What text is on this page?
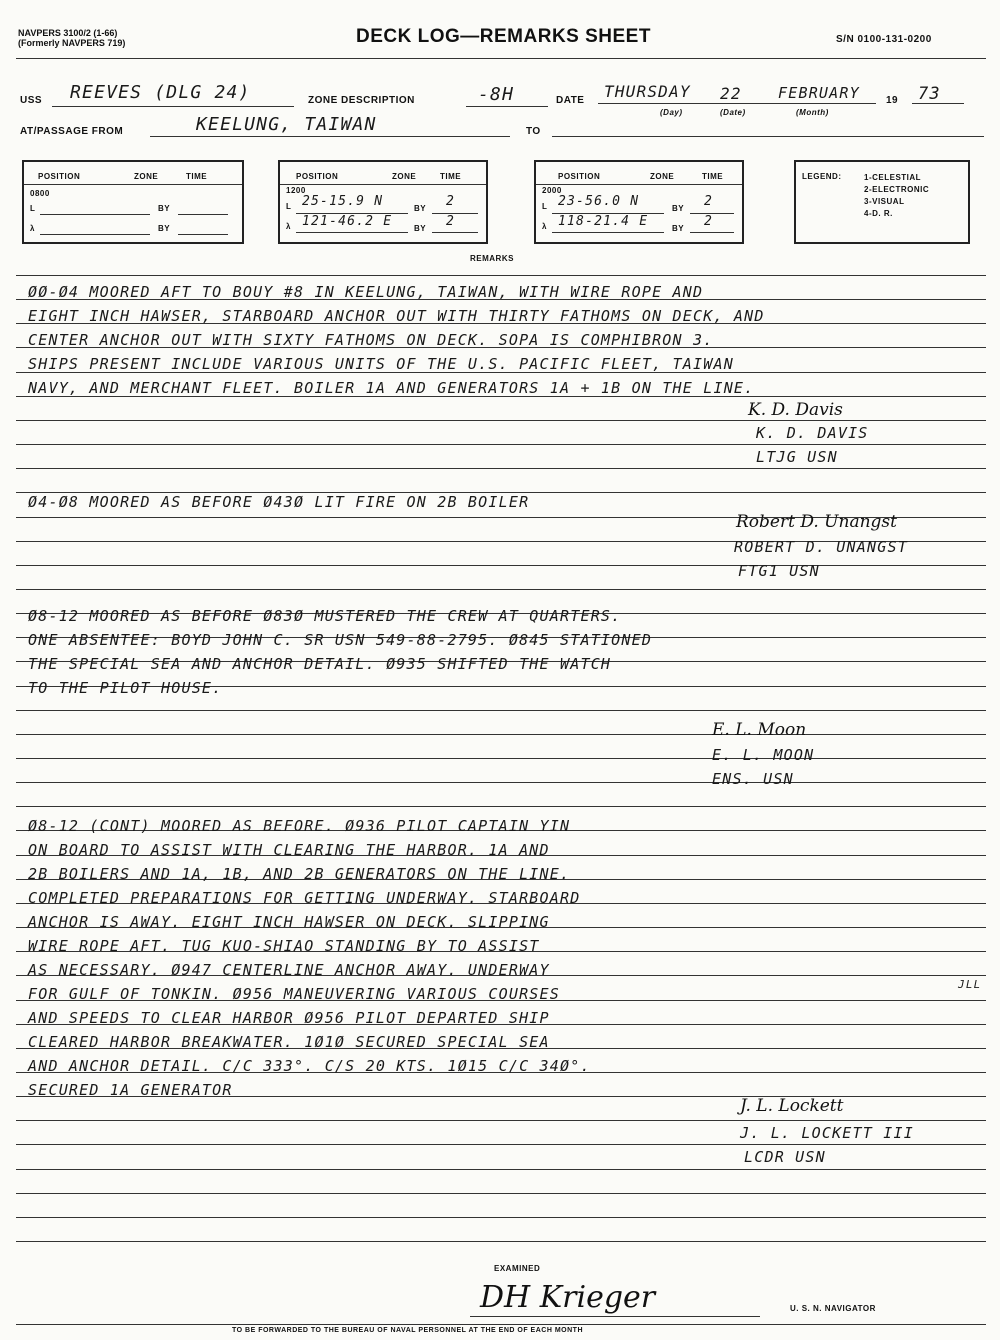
NAVPERS 3100/2 (1-66)
(Formerly NAVPERS 719)	DECK LOG—REMARKS SHEET	S/N 0100-131-0200
USS REEVES (DLG 24)	ZONE DESCRIPTION	-8H	DATE THURSDAY 22 FEBRUARY	19 73
(Day)	(Date)	(Month)
AT/PASSAGE FROM	KEELUNG, TAIWAN	TO
POSITION	ZONE	TIME
0800
L	BY
λ	BY
POSITION	ZONE	TIME
1200
L 25-15.9 N	BY 2
λ 121-46.2 E	BY 2
POSITION	ZONE	TIME
2000
L 23-56.0 N	BY 2
λ 118-21.4 E	BY 2
LEGEND:	1-CELESTIAL
2-ELECTRONIC
3-VISUAL
4-D. R.
REMARKS
ØØ-Ø4 MOORED AFT TO BOUY #8 IN KEELUNG, TAIWAN, WITH WIRE ROPE AND
EIGHT INCH HAWSER, STARBOARD ANCHOR OUT WITH THIRTY FATHOMS ON DECK, AND
CENTER ANCHOR OUT WITH SIXTY FATHOMS ON DECK. SOPA IS COMPHIBRON 3.
SHIPS PRESENT INCLUDE VARIOUS UNITS OF THE U.S. PACIFIC FLEET, TAIWAN
NAVY, AND MERCHANT FLEET. BOILER 1A AND GENERATORS 1A + 1B ON THE LINE.
K. D. Davis
K. D. DAVIS
LTJG USN
Ø4-Ø8 MOORED AS BEFORE Ø43Ø LIT FIRE ON 2B BOILER
Robert D. Unangst
ROBERT D. UNANGST
FTG1 USN
Ø8-12 MOORED AS BEFORE Ø83Ø MUSTERED THE CREW AT QUARTERS.
ONE ABSENTEE: BOYD JOHN C. SR USN 549-88-2795. Ø845 STATIONED
THE SPECIAL SEA AND ANCHOR DETAIL. Ø935 SHIFTED THE WATCH
TO THE PILOT HOUSE.
E. L. Moon
E. L. MOON
ENS. USN
Ø8-12 (CONT) MOORED AS BEFORE. Ø936 PILOT CAPTAIN YIN
ON BOARD TO ASSIST WITH CLEARING THE HARBOR. 1A AND
2B BOILERS AND 1A, 1B, AND 2B GENERATORS ON THE LINE.
COMPLETED PREPARATIONS FOR GETTING UNDERWAY. STARBOARD
ANCHOR IS AWAY. EIGHT INCH HAWSER ON DECK. SLIPPING
WIRE ROPE AFT. TUG KUO-SHIAO STANDING BY TO ASSIST
AS NECESSARY. Ø947 CENTERLINE ANCHOR AWAY. UNDERWAY
FOR GULF OF TONKIN. Ø956 MANEUVERING VARIOUS COURSES
JLL
AND SPEEDS TO CLEAR HARBOR Ø956 PILOT DEPARTED SHIP
CLEARED HARBOR BREAKWATER. 1Ø1Ø SECURED SPECIAL SEA
AND ANCHOR DETAIL. C/C 333°. C/S 20 KTS. 1Ø15 C/C 34Ø°.
SECURED 1A GENERATOR
J. L. Lockett
J. L. LOCKETT III
LCDR USN
EXAMINED
DH Krieger	U. S. N. NAVIGATOR
TO BE FORWARDED TO THE BUREAU OF NAVAL PERSONNEL AT THE END OF EACH MONTH
